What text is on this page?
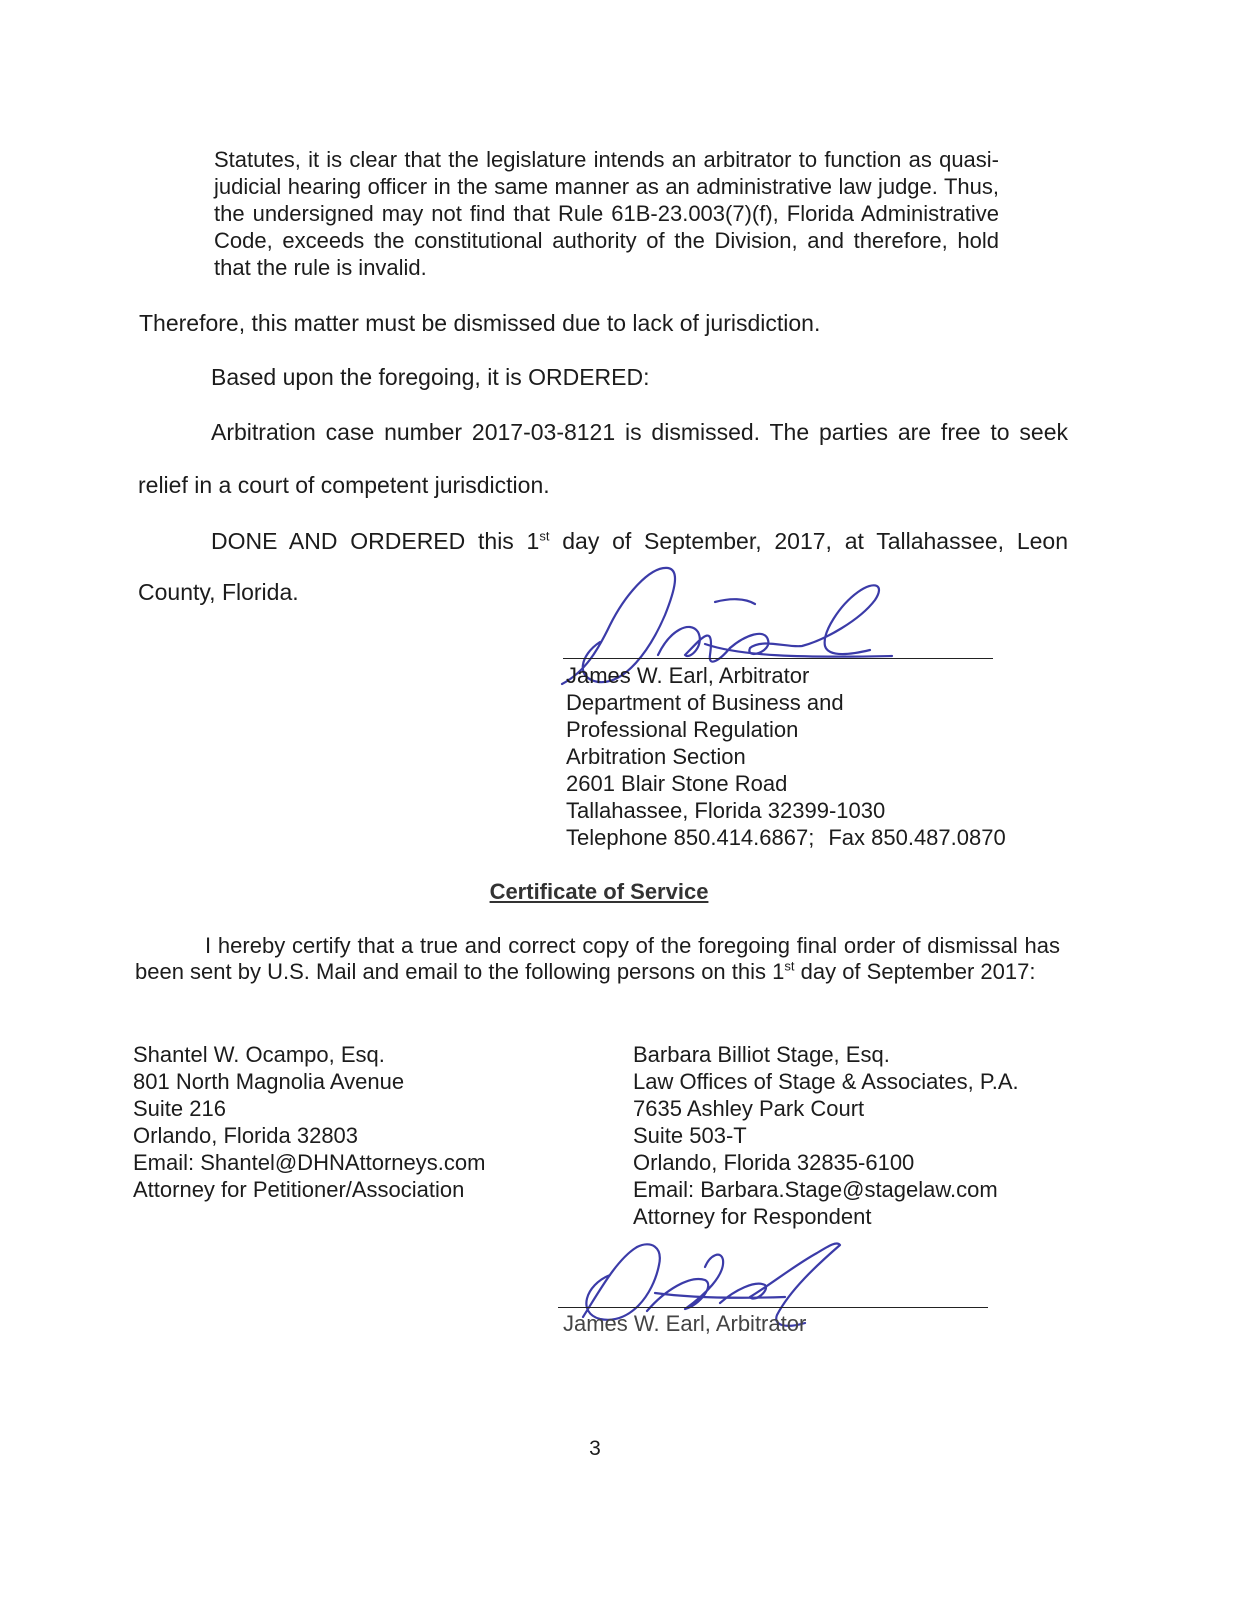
Statutes, it is clear that the legislature intends an arbitrator to function as quasi-judicial hearing officer in the same manner as an administrative law judge. Thus, the undersigned may not find that Rule 61B-23.003(7)(f), Florida Administrative Code, exceeds the constitutional authority of the Division, and therefore, hold that the rule is invalid.

Therefore, this matter must be dismissed due to lack of jurisdiction.
Based upon the foregoing, it is ORDERED:
Arbitration case number 2017-03-8121 is dismissed. The parties are free to seek
relief in a court of competent jurisdiction.
DONE AND ORDERED this 1st day of September, 2017, at Tallahassee, Leon
County, Florida.
James W. Earl, Arbitrator
Department of Business and
Professional Regulation
Arbitration Section
2601 Blair Stone Road
Tallahassee, Florida 32399-1030
Telephone 850.414.6867; Fax 850.487.0870
Certificate of Service

I hereby certify that a true and correct copy of the foregoing final order of dismissal has been sent by U.S. Mail and email to the following persons on this 1st day of September 2017:

Shantel W. Ocampo, Esq.
801 North Magnolia Avenue
Suite 216
Orlando, Florida 32803
Email: Shantel@DHNAttorneys.com
Attorney for Petitioner/Association
Barbara Billiot Stage, Esq.
Law Offices of Stage & Associates, P.A.
7635 Ashley Park Court
Suite 503-T
Orlando, Florida 32835-6100
Email: Barbara.Stage@stagelaw.com
Attorney for Respondent
James W. Earl, Arbitrator
3
